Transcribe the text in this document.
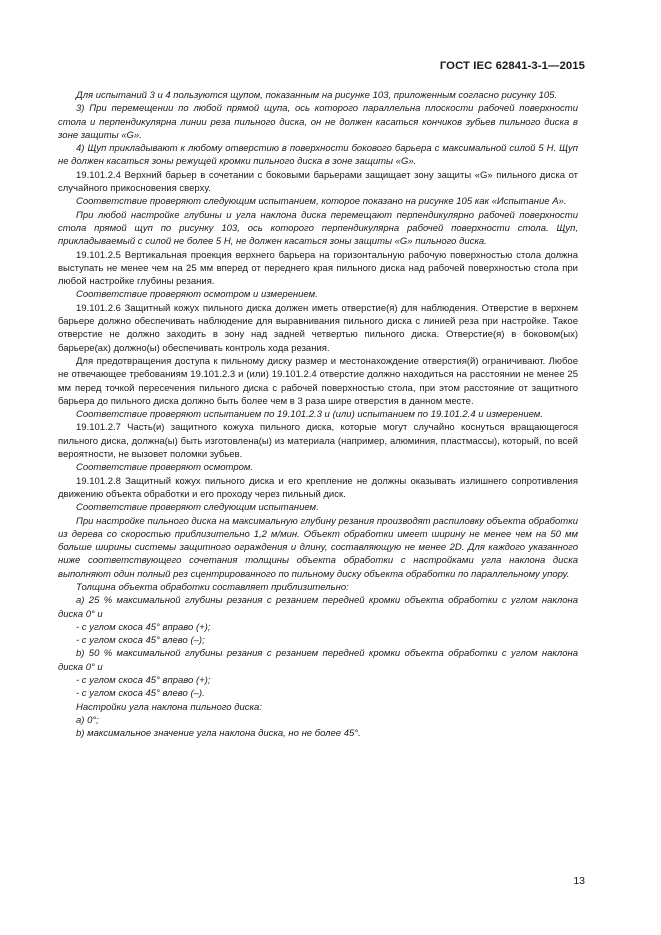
ГОСТ IEC 62841-3-1—2015

Для испытаний 3 и 4 пользуются щупом, показанным на рисунке 103, приложенным согласно рисунку 105.

3) При перемещении по любой прямой щупа, ось которого параллельна плоскости рабочей поверхности стола и перпендикулярна линии реза пильного диска, он не должен касаться кончиков зубьев пильного диска в зоне защиты «G».

4) Щуп прикладывают к любому отверстию в поверхности бокового барьера с максимальной силой 5 Н. Щуп не должен касаться зоны режущей кромки пильного диска в зоне защиты «G».

19.101.2.4 Верхний барьер в сочетании с боковыми барьерами защищает зону защиты «G» пильного диска от случайного прикосновения сверху.

Соответствие проверяют следующим испытанием, которое показано на рисунке 105 как «Испытание А».

При любой настройке глубины и угла наклона диска перемещают перпендикулярно рабочей поверхности стола прямой щуп по рисунку 103, ось которого перпендикулярна рабочей поверхности стола. Щуп, прикладываемый с силой не более 5 Н, не должен касаться зоны защиты «G» пильного диска.

19.101.2.5 Вертикальная проекция верхнего барьера на горизонтальную рабочую поверхностью стола должна выступать не менее чем на 25 мм вперед от переднего края пильного диска над рабочей поверхностью стола при любой настройке глубины резания.

Соответствие проверяют осмотром и измерением.

19.101.2.6 Защитный кожух пильного диска должен иметь отверстие(я) для наблюдения. Отверстие в верхнем барьере должно обеспечивать наблюдение для выравнивания пильного диска с линией реза при настройке. Такое отверстие не должно заходить в зону над задней четвертью пильного диска. Отверстие(я) в боковом(ых) барьере(ах) должно(ы) обеспечивать контроль хода резания.

Для предотвращения доступа к пильному диску размер и местонахождение отверстия(й) ограничивают. Любое не отвечающее требованиям 19.101.2.3 и (или) 19.101.2.4 отверстие должно находиться на расстоянии не менее 25 мм перед точкой пересечения пильного диска с рабочей поверхностью стола, при этом расстояние от защитного барьера до пильного диска должно быть более чем в 3 раза шире отверстия в данном месте.

Соответствие проверяют испытанием по 19.101.2.3 и (или) испытанием по 19.101.2.4 и измерением.

19.101.2.7 Часть(и) защитного кожуха пильного диска, которые могут случайно коснуться вращающегося пильного диска, должна(ы) быть изготовлена(ы) из материала (например, алюминия, пластмассы), который, по всей вероятности, не вызовет поломки зубьев.

Соответствие проверяют осмотром.

19.101.2.8 Защитный кожух пильного диска и его крепление не должны оказывать излишнего сопротивления движению объекта обработки и его проходу через пильный диск.

Соответствие проверяют следующим испытанием.

При настройке пильного диска на максимальную глубину резания производят распиловку объекта обработки из дерева со скоростью приблизительно 1,2 м/мин. Объект обработки имеет ширину не менее чем на 50 мм больше ширины системы защитного ограждения и длину, составляющую не менее 2D. Для каждого указанного ниже соответствующего сочетания толщины объекта обработки с настройками угла наклона диска выполняют один полный рез сцентрированного по пильному диску объекта обработки по параллельному упору.

Толщина объекта обработки составляет приблизительно:

a) 25 % максимальной глубины резания с резанием передней кромки объекта обработки с углом наклона диска 0° и

- с углом скоса 45° вправо (+);

- с углом скоса 45° влево (–);

b) 50 % максимальной глубины резания с резанием передней кромки объекта обработки с углом наклона диска 0° и

- с углом скоса 45° вправо (+);

- с углом скоса 45° влево (–).

Настройки угла наклона пильного диска:

a) 0°;

b) максимальное значение угла наклона диска, но не более 45°.

13
